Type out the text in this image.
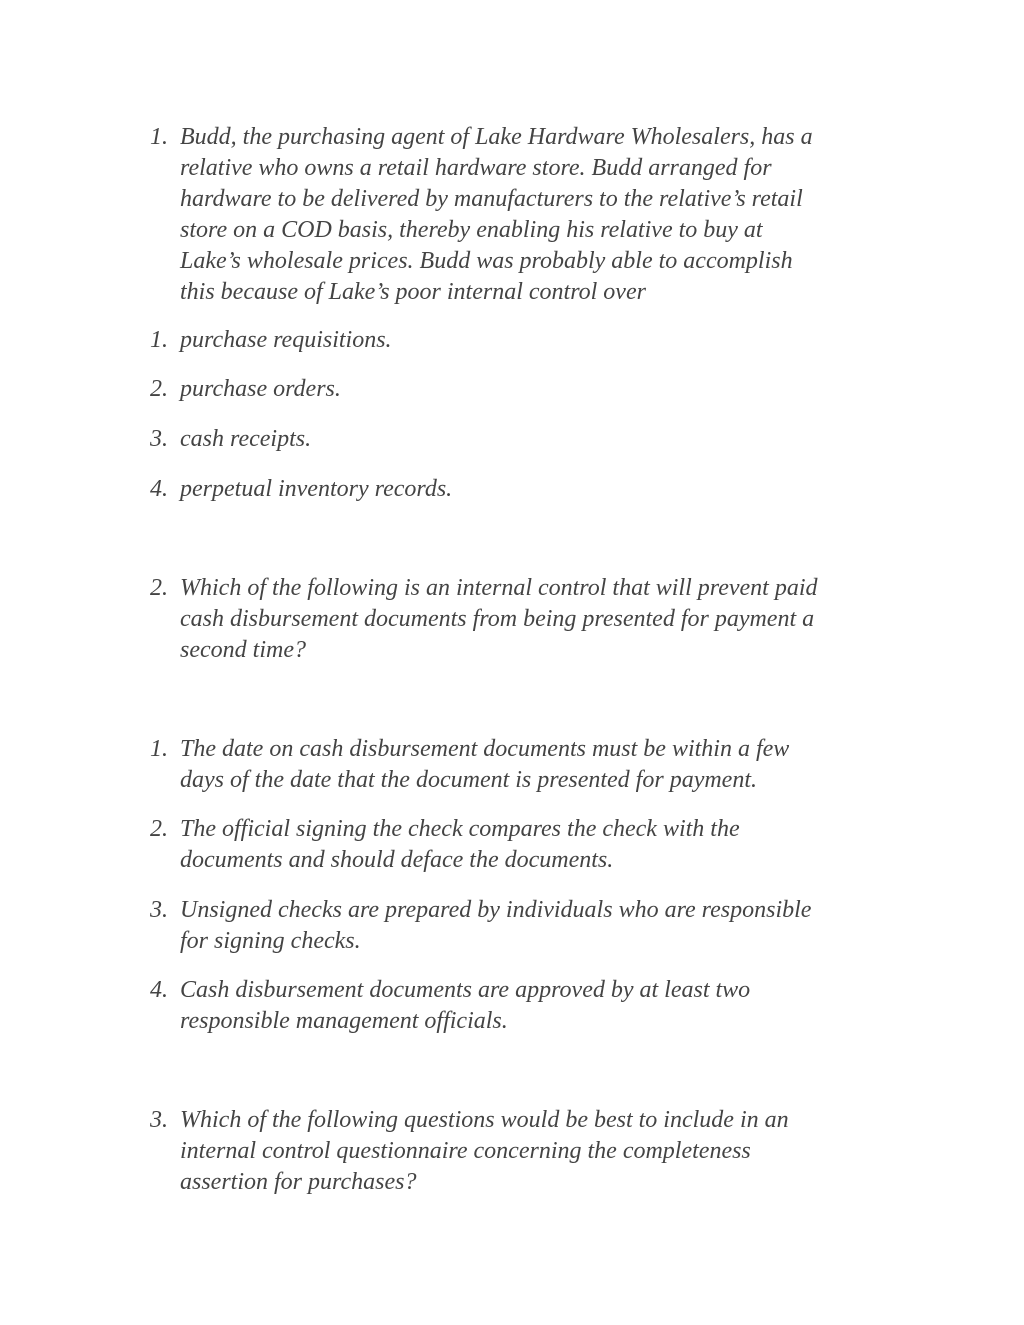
1. Budd, the purchasing agent of Lake Hardware Wholesalers, has a
relative who owns a retail hardware store. Budd arranged for
hardware to be delivered by manufacturers to the relative’s retail
store on a COD basis, thereby enabling his relative to buy at
Lake’s wholesale prices. Budd was probably able to accomplish
this because of Lake’s poor internal control over
1. purchase requisitions.
2. purchase orders.
3. cash receipts.
4. perpetual inventory records.
2. Which of the following is an internal control that will prevent paid
cash disbursement documents from being presented for payment a
second time?
1. The date on cash disbursement documents must be within a few
days of the date that the document is presented for payment.
2. The official signing the check compares the check with the
documents and should deface the documents.
3. Unsigned checks are prepared by individuals who are responsible
for signing checks.
4. Cash disbursement documents are approved by at least two
responsible management officials.
3. Which of the following questions would be best to include in an
internal control questionnaire concerning the completeness
assertion for purchases?
